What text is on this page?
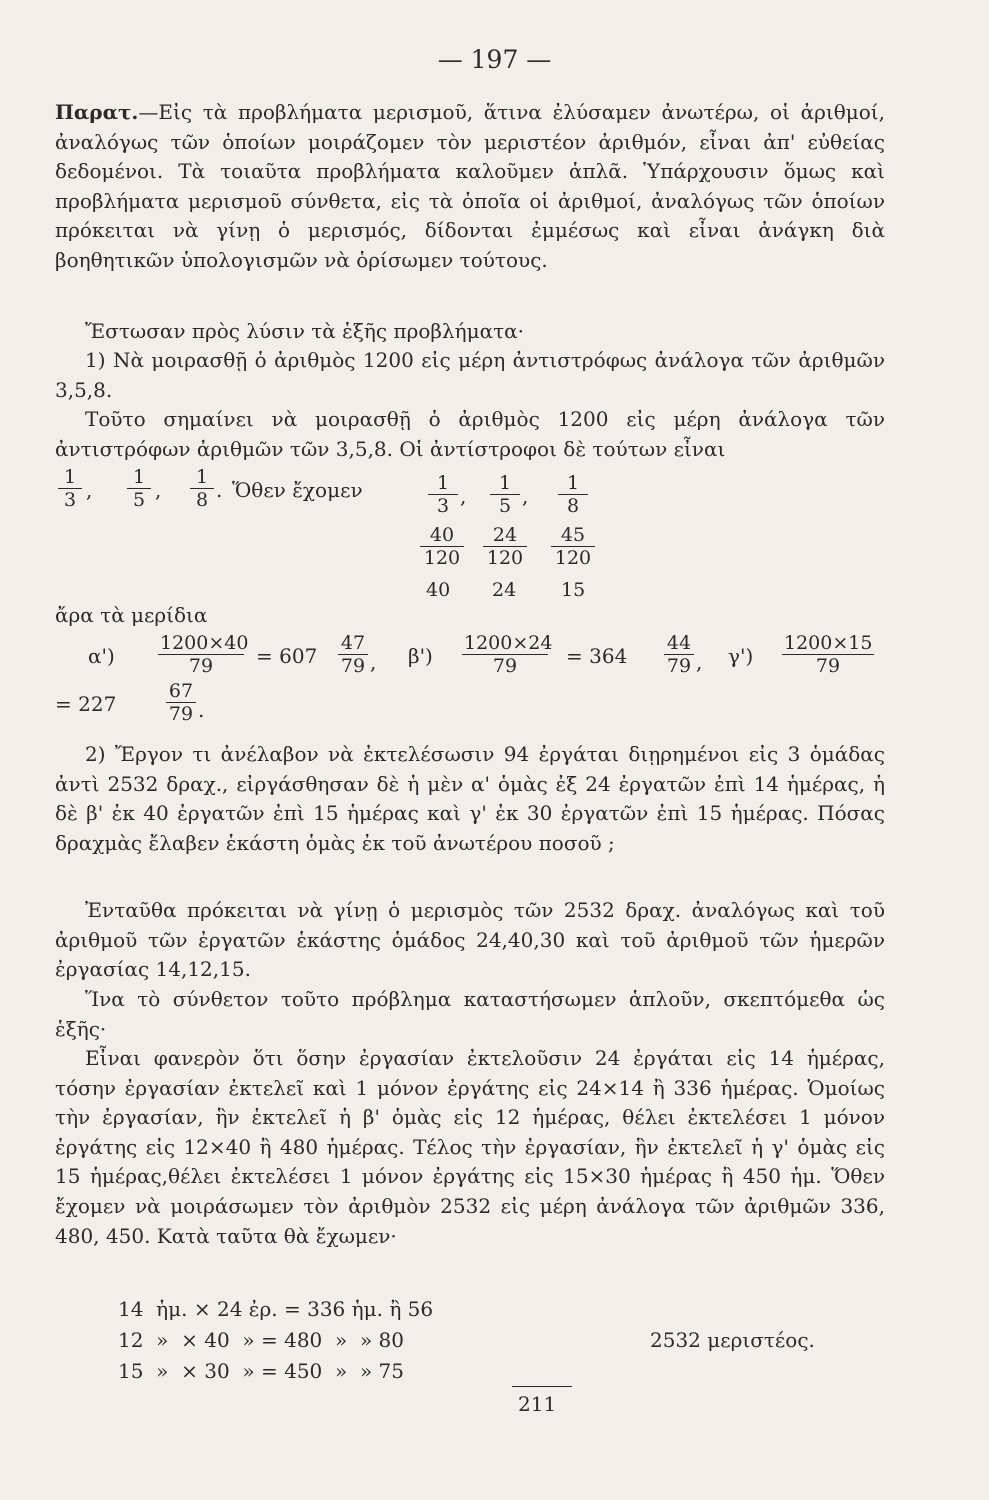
— 197 —

Παρατ.—Εἰς τὰ προβλήματα μερισμοῦ, ἅτινα ἐλύσαμεν ἀνωτέρω, οἱ ἀριθμοί, ἀναλόγως τῶν ὁποίων μοιράζομεν τὸν μεριστέον ἀριθμόν, εἶναι ἀπ' εὐθείας δεδομένοι. Τὰ τοιαῦτα προβλήματα καλοῦμεν ἁπλᾶ. Ὑπάρχουσιν ὅμως καὶ προβλήματα μερισμοῦ σύνθετα, εἰς τὰ ὁποῖα οἱ ἀριθμοί, ἀναλόγως τῶν ὁποίων πρόκειται νὰ γίνῃ ὁ μερισμός, δίδονται ἐμμέσως καὶ εἶναι ἀνάγκη διὰ βοηθητικῶν ὑπολογισμῶν νὰ ὁρίσωμεν τούτους.

Ἔστωσαν πρὸς λύσιν τὰ ἑξῆς προβλήματα·

1) Νὰ μοιρασθῇ ὁ ἀριθμὸς 1200 εἰς μέρη ἀντιστρόφως ἀνάλογα τῶν ἀριθμῶν 3,5,8.

Τοῦτο σημαίνει νὰ μοιρασθῇ ὁ ἀριθμὸς 1200 εἰς μέρη ἀνάλογα τῶν ἀντιστρόφων ἀριθμῶν τῶν 3,5,8. Οἱ ἀντίστροφοι δὲ τούτων εἶναι

$\frac{1}{3}$ , $\frac{1}{5}$ , $\frac{1}{8}$ . Ὅθεν ἔχομεν	$\frac{1}{3}$ , $\frac{1}{5}$ , $\frac{1}{8}$
$\frac{40}{120} \frac{24}{120} \frac{45}{120}$
40 24 15
ἄρα τὰ μερίδια
$\alpha') \frac{1200\times 40}{79} = 607 \frac{47}{79}$ , $\beta') \frac{1200\times 24}{79} = 364 \frac{44}{79}$ , $\gamma') \frac{1200\times 15}{79}$
= 227	$\frac{67}{79}$ .

2) Ἔργον τι ἀνέλαβον νὰ ἐκτελέσωσιν 94 ἐργάται διῃρημένοι εἰς 3 ὁμάδας ἀντὶ 2532 δραχ., εἰργάσθησαν δὲ ἡ μὲν α' ὁμὰς ἐξ 24 ἐργατῶν ἐπὶ 14 ἡμέρας, ἡ δὲ β' ἐκ 40 ἐργατῶν ἐπὶ 15 ἡμέρας καὶ γ' ἐκ 30 ἐργατῶν ἐπὶ 15 ἡμέρας. Πόσας δραχμὰς ἔλαβεν ἑκάστη ὁμὰς ἐκ τοῦ ἀνωτέρου ποσοῦ ;

Ἐνταῦθα πρόκειται νὰ γίνῃ ὁ μερισμὸς τῶν 2532 δραχ. ἀναλόγως καὶ τοῦ ἀριθμοῦ τῶν ἐργατῶν ἑκάστης ὁμάδος 24,40,30 καὶ τοῦ ἀριθμοῦ τῶν ἡμερῶν ἐργασίας 14,12,15.

Ἵνα τὸ σύνθετον τοῦτο πρόβλημα καταστήσωμεν ἁπλοῦν, σκεπτόμεθα ὡς ἑξῆς·

Εἶναι φανερὸν ὅτι ὅσην ἐργασίαν ἐκτελοῦσιν 24 ἐργάται εἰς 14 ἡμέρας, τόσην ἐργασίαν ἐκτελεῖ καὶ 1 μόνον ἐργάτης εἰς 24×14 ἢ 336 ἡμέρας. Ὁμοίως τὴν ἐργασίαν, ἣν ἐκτελεῖ ἡ β' ὁμὰς εἰς 12 ἡμέρας, θέλει ἐκτελέσει 1 μόνον ἐργάτης εἰς 12×40 ἢ 480 ἡμέρας. Τέλος τὴν ἐργασίαν, ἣν ἐκτελεῖ ἡ γ' ὁμὰς εἰς 15 ἡμέρας,θέλει ἐκτελέσει 1 μόνον ἐργάτης εἰς 15×30 ἡμέρας ἢ 450 ἡμ. Ὅθεν ἔχομεν νὰ μοιράσωμεν τὸν ἀριθμὸν 2532 εἰς μέρη ἀνάλογα τῶν ἀριθμῶν 336, 480, 450. Κατὰ ταῦτα θὰ ἔχωμεν·

14  ἡμ. × 24 ἐρ. = 336 ἡμ. ἢ 56
12  »  × 40  » = 480  »  » 80
15  »  × 30  » = 450  »  » 75
2532 μεριστέος.
211
